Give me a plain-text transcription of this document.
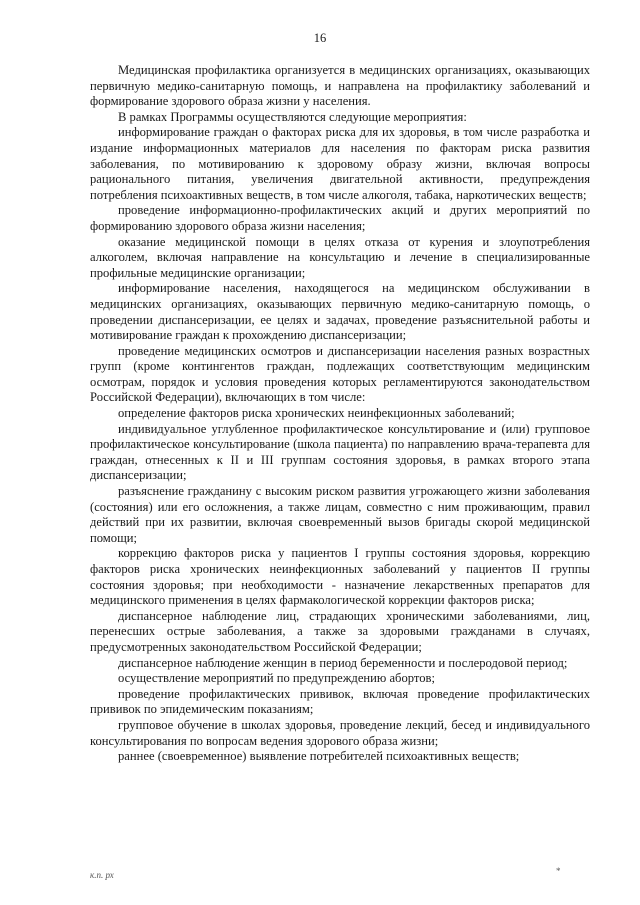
16

Медицинская профилактика организуется в медицинских организациях, оказывающих первичную медико-санитарную помощь, и направлена на профилактику заболеваний и формирование здорового образа жизни у населения.

В рамках Программы осуществляются следующие мероприятия:

информирование граждан о факторах риска для их здоровья, в том числе разработка и издание информационных материалов для населения по факторам риска развития заболевания, по мотивированию к здоровому образу жизни, включая вопросы рационального питания, увеличения двигательной активности, предупреждения потребления психоактивных веществ, в том числе алкоголя, табака, наркотических веществ;

проведение информационно-профилактических акций и других мероприятий по формированию здорового образа жизни населения;

оказание медицинской помощи в целях отказа от курения и злоупотребления алкоголем, включая направление на консультацию и лечение в специализированные профильные медицинские организации;

информирование населения, находящегося на медицинском обслуживании в медицинских организациях, оказывающих первичную медико-санитарную помощь, о проведении диспансеризации, ее целях и задачах, проведение разъяснительной работы и мотивирование граждан к прохождению диспансеризации;

проведение медицинских осмотров и диспансеризации населения разных возрастных групп (кроме контингентов граждан, подлежащих соответствующим медицинским осмотрам, порядок и условия проведения которых регламентируются законодательством Российской Федерации), включающих в том числе:

определение факторов риска хронических неинфекционных заболеваний;

индивидуальное углубленное профилактическое консультирование и (или) групповое профилактическое консультирование (школа пациента) по направлению врача-терапевта для граждан, отнесенных к II и III группам состояния здоровья, в рамках второго этапа диспансеризации;

разъяснение гражданину с высоким риском развития угрожающего жизни заболевания (состояния) или его осложнения, а также лицам, совместно с ним проживающим, правил действий при их развитии, включая своевременный вызов бригады скорой медицинской помощи;

коррекцию факторов риска у пациентов I группы состояния здоровья, коррекцию факторов риска хронических неинфекционных заболеваний у пациентов II группы состояния здоровья; при необходимости - назначение лекарственных препаратов для медицинского применения в целях фармакологической коррекции факторов риска;

диспансерное наблюдение лиц, страдающих хроническими заболеваниями, лиц, перенесших острые заболевания, а также за здоровыми гражданами в случаях, предусмотренных законодательством Российской Федерации;

диспансерное наблюдение женщин в период беременности и послеродовой период;

осуществление мероприятий по предупреждению абортов;

проведение профилактических прививок, включая проведение профилактических прививок по эпидемическим показаниям;

групповое обучение в школах здоровья, проведение лекций, бесед и индивидуального консультирования по вопросам ведения здорового образа жизни;

раннее (своевременное) выявление потребителей психоактивных веществ;

к.п. рх	*
